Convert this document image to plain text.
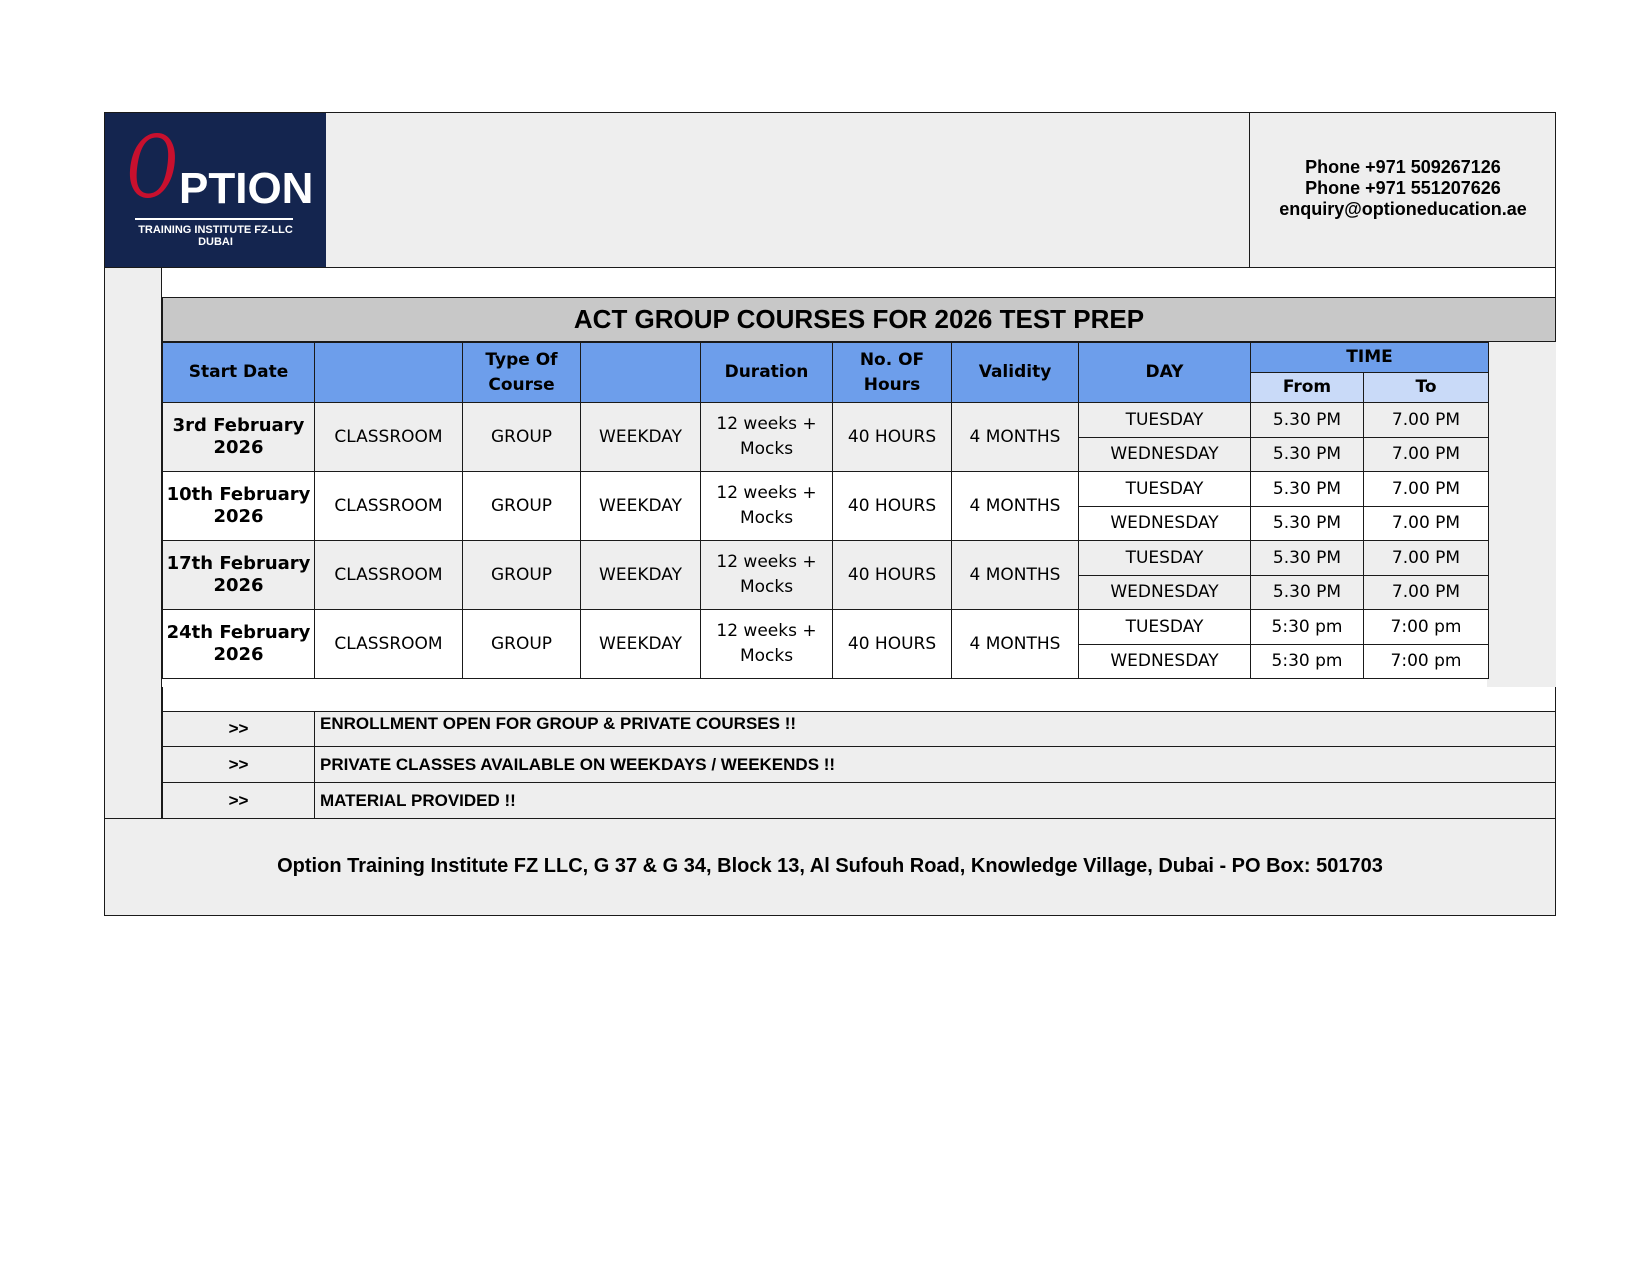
O PTION
TRAINING INSTITUTE FZ-LLC
DUBAI
Phone +971 509267126
Phone +971 551207626
enquiry@optioneducation.ae
ACT GROUP COURSES FOR 2026 TEST PREP
Start Date		Type Of Course		Duration	No. OF Hours	Validity	DAY	TIME	
								From	To
3rd February 2026	CLASSROOM	GROUP	WEEKDAY	12 weeks + Mocks	40 HOURS	4 MONTHS	TUESDAY	5.30 PM	7.00 PM
							WEDNESDAY	5.30 PM	7.00 PM
10th February 2026	CLASSROOM	GROUP	WEEKDAY	12 weeks + Mocks	40 HOURS	4 MONTHS	TUESDAY	5.30 PM	7.00 PM
							WEDNESDAY	5.30 PM	7.00 PM
17th February 2026	CLASSROOM	GROUP	WEEKDAY	12 weeks + Mocks	40 HOURS	4 MONTHS	TUESDAY	5.30 PM	7.00 PM
							WEDNESDAY	5.30 PM	7.00 PM
24th February 2026	CLASSROOM	GROUP	WEEKDAY	12 weeks + Mocks	40 HOURS	4 MONTHS	TUESDAY	5:30 pm	7:00 pm
							WEDNESDAY	5:30 pm	7:00 pm
>>	ENROLLMENT OPEN FOR GROUP & PRIVATE COURSES !!
>>	PRIVATE CLASSES AVAILABLE ON WEEKDAYS / WEEKENDS !!
>>	MATERIAL PROVIDED !!
Option Training Institute FZ LLC, G 37 & G 34, Block 13, Al Sufouh Road, Knowledge Village, Dubai - PO Box: 501703
